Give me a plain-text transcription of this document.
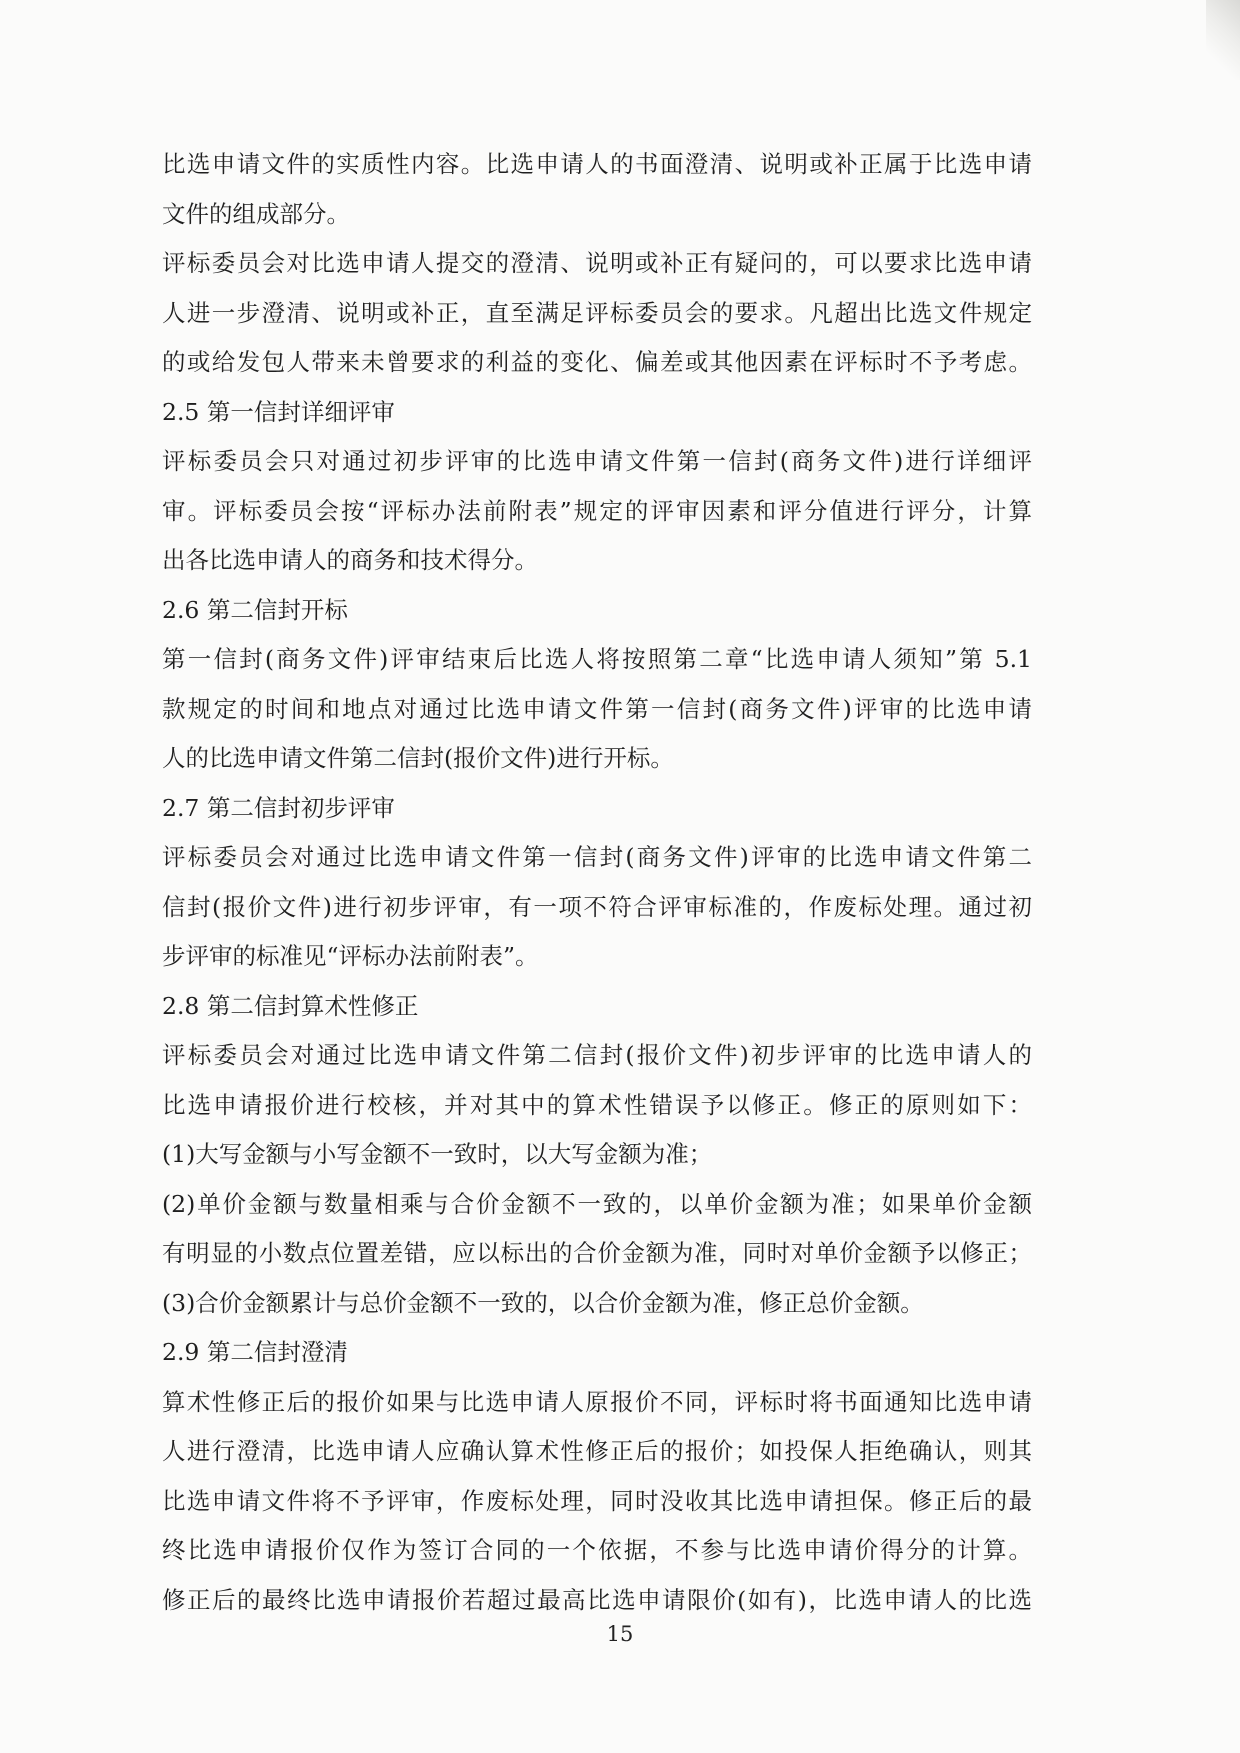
比选申请文件的实质性内容。比选申请人的书面澄清、说明或补正属于比选申请
文件的组成部分。
评标委员会对比选申请人提交的澄清、说明或补正有疑问的，可以要求比选申请
人进一步澄清、说明或补正，直至满足评标委员会的要求。凡超出比选文件规定
的或给发包人带来未曾要求的利益的变化、偏差或其他因素在评标时不予考虑。
2.5 第一信封详细评审
评标委员会只对通过初步评审的比选申请文件第一信封(商务文件)进行详细评
审。评标委员会按“评标办法前附表”规定的评审因素和评分值进行评分，计算
出各比选申请人的商务和技术得分。
2.6 第二信封开标
第一信封(商务文件)评审结束后比选人将按照第二章“比选申请人须知”第 5.1
款规定的时间和地点对通过比选申请文件第一信封(商务文件)评审的比选申请
人的比选申请文件第二信封(报价文件)进行开标。
2.7 第二信封初步评审
评标委员会对通过比选申请文件第一信封(商务文件)评审的比选申请文件第二
信封(报价文件)进行初步评审，有一项不符合评审标准的，作废标处理。通过初
步评审的标准见“评标办法前附表”。
2.8 第二信封算术性修正
评标委员会对通过比选申请文件第二信封(报价文件)初步评审的比选申请人的
比选申请报价进行校核，并对其中的算术性错误予以修正。修正的原则如下：
(1)大写金额与小写金额不一致时，以大写金额为准；
(2)单价金额与数量相乘与合价金额不一致的，以单价金额为准；如果单价金额
有明显的小数点位置差错，应以标出的合价金额为准，同时对单价金额予以修正；
(3)合价金额累计与总价金额不一致的，以合价金额为准，修正总价金额。
2.9 第二信封澄清
算术性修正后的报价如果与比选申请人原报价不同，评标时将书面通知比选申请
人进行澄清，比选申请人应确认算术性修正后的报价；如投保人拒绝确认，则其
比选申请文件将不予评审，作废标处理，同时没收其比选申请担保。修正后的最
终比选申请报价仅作为签订合同的一个依据，不参与比选申请价得分的计算。
修正后的最终比选申请报价若超过最高比选申请限价(如有)，比选申请人的比选
15
